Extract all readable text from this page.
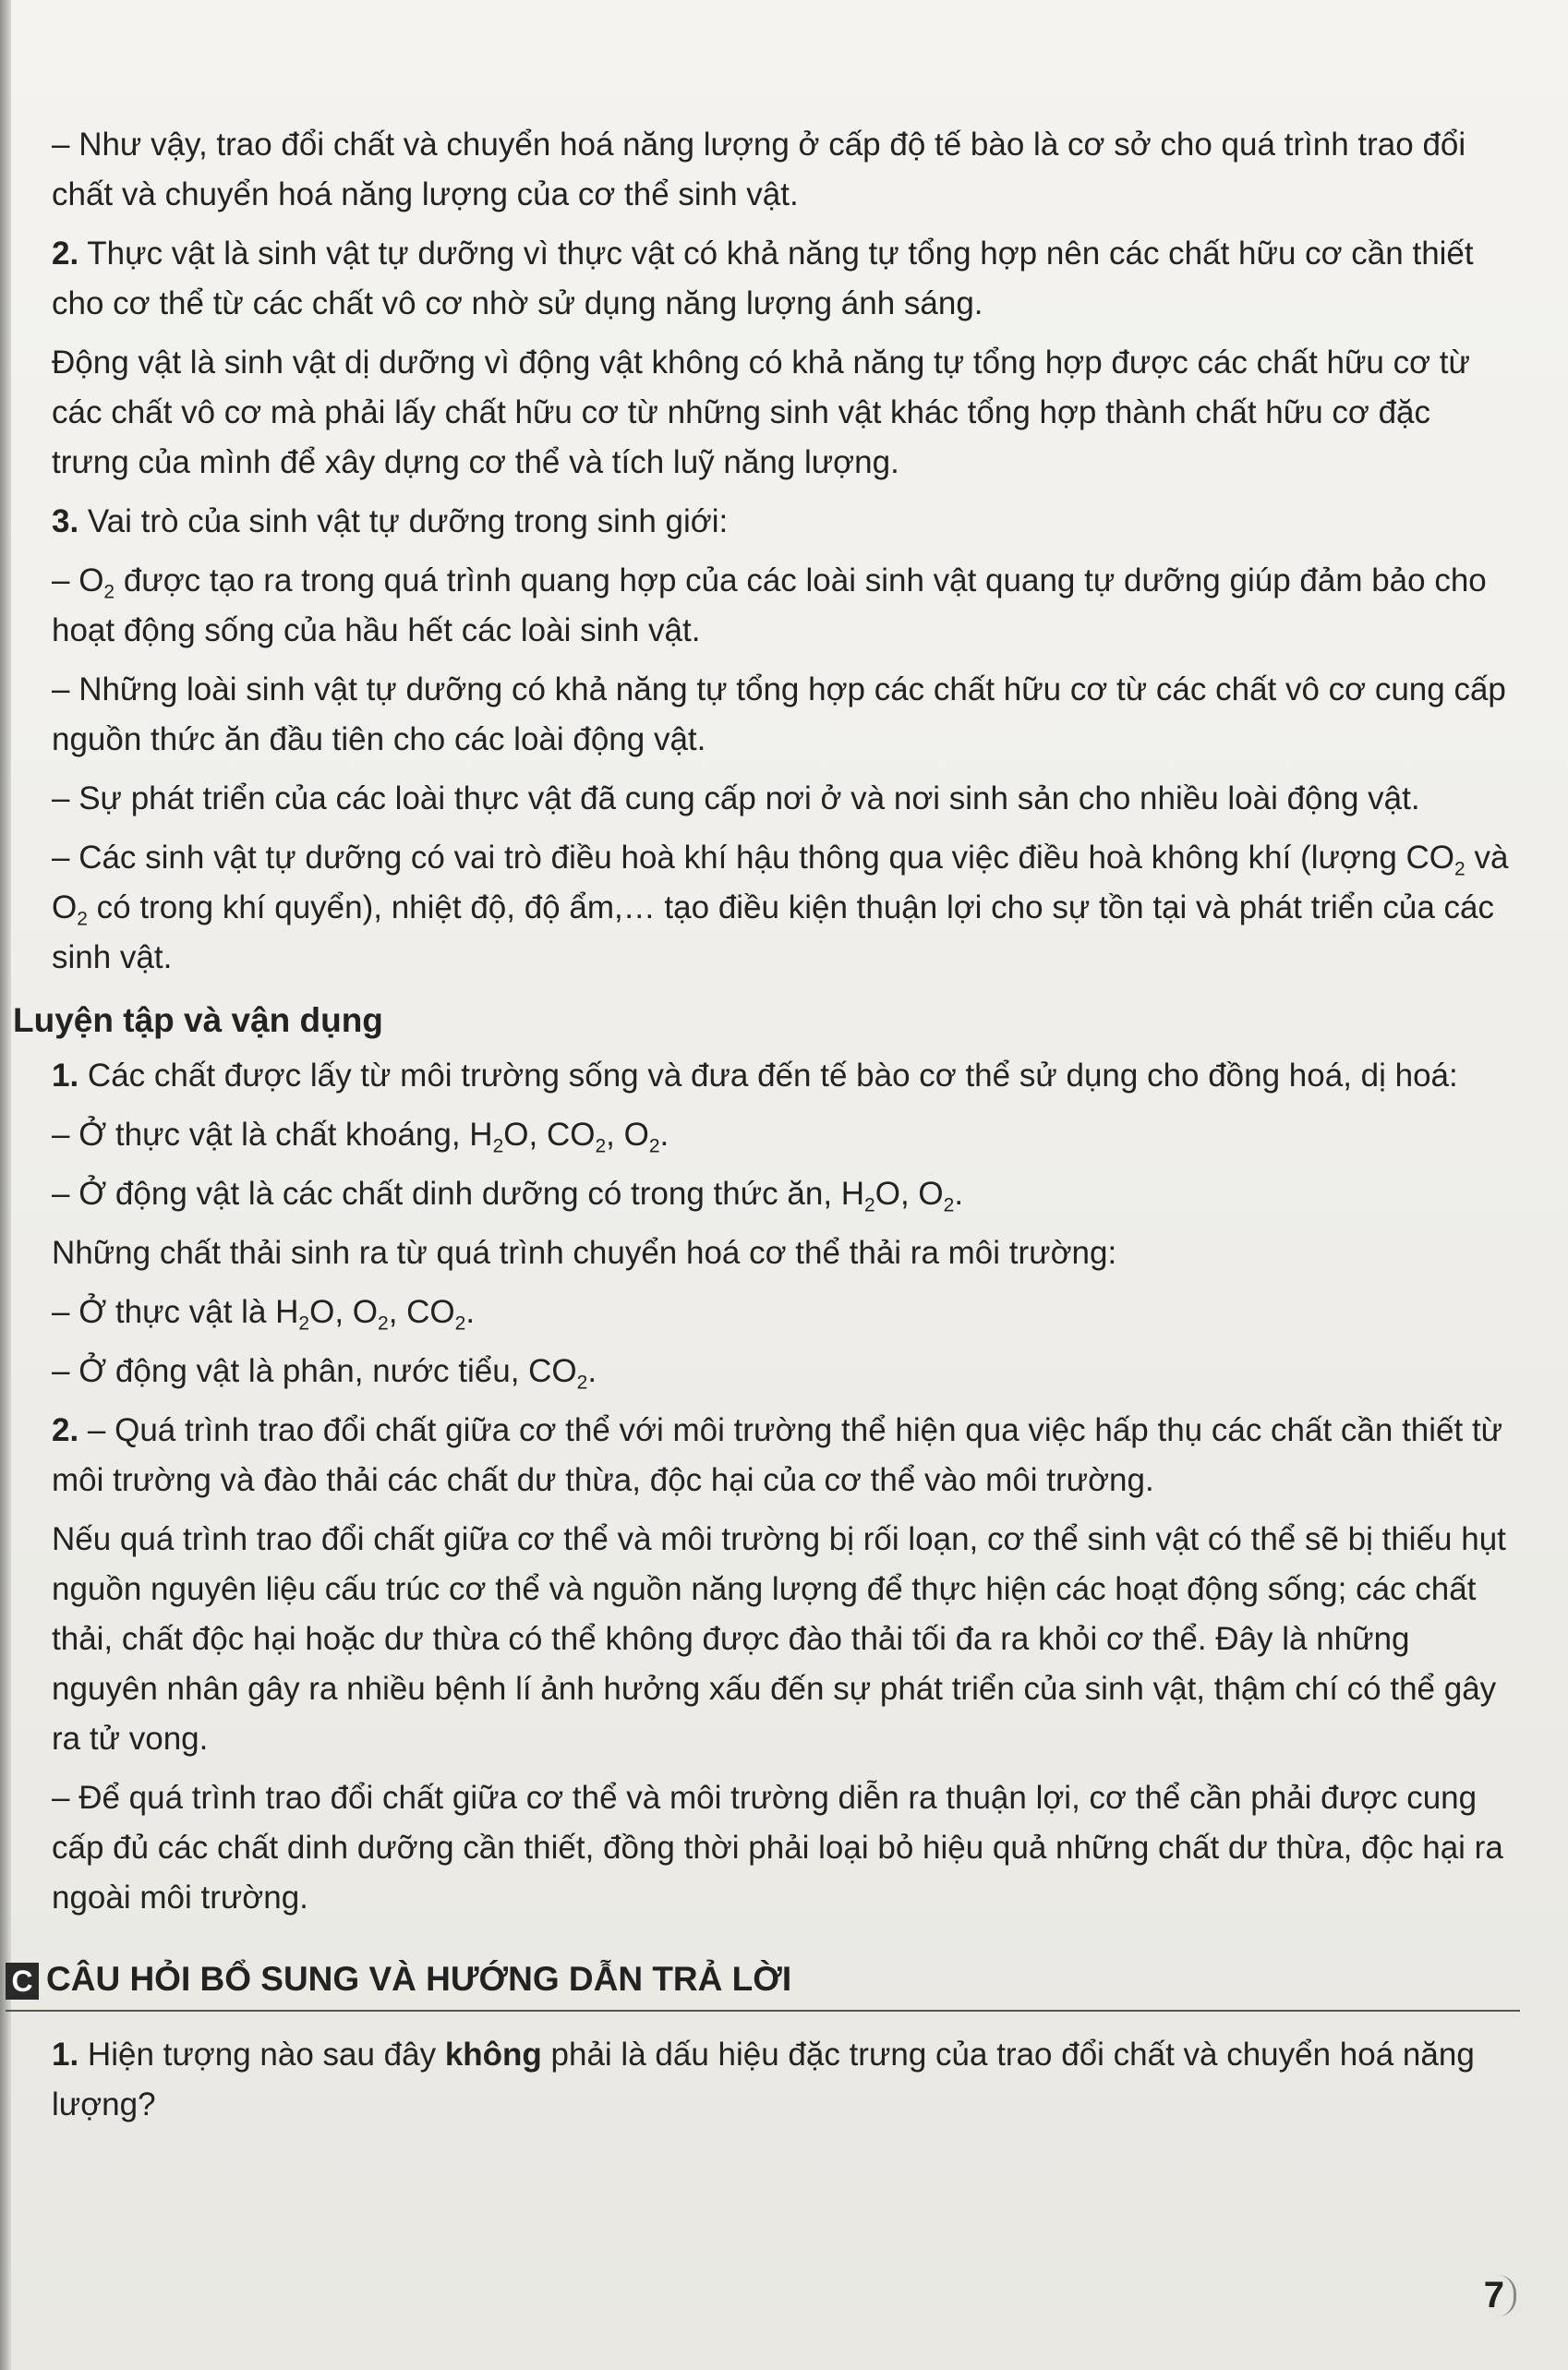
– Như vậy, trao đổi chất và chuyển hoá năng lượng ở cấp độ tế bào là cơ sở cho quá trình trao đổi chất và chuyển hoá năng lượng của cơ thể sinh vật.

2. Thực vật là sinh vật tự dưỡng vì thực vật có khả năng tự tổng hợp nên các chất hữu cơ cần thiết cho cơ thể từ các chất vô cơ nhờ sử dụng năng lượng ánh sáng.

Động vật là sinh vật dị dưỡng vì động vật không có khả năng tự tổng hợp được các chất hữu cơ từ các chất vô cơ mà phải lấy chất hữu cơ từ những sinh vật khác tổng hợp thành chất hữu cơ đặc trưng của mình để xây dựng cơ thể và tích luỹ năng lượng.

3. Vai trò của sinh vật tự dưỡng trong sinh giới:

– $O_2$ được tạo ra trong quá trình quang hợp của các loài sinh vật quang tự dưỡng giúp đảm bảo cho hoạt động sống của hầu hết các loài sinh vật.

– Những loài sinh vật tự dưỡng có khả năng tự tổng hợp các chất hữu cơ từ các chất vô cơ cung cấp nguồn thức ăn đầu tiên cho các loài động vật.

– Sự phát triển của các loài thực vật đã cung cấp nơi ở và nơi sinh sản cho nhiều loài động vật.

– Các sinh vật tự dưỡng có vai trò điều hoà khí hậu thông qua việc điều hoà không khí (lượng $CO_2$ và $O_2$ có trong khí quyển), nhiệt độ, độ ẩm,… tạo điều kiện thuận lợi cho sự tồn tại và phát triển của các sinh vật.

Luyện tập và vận dụng

1. Các chất được lấy từ môi trường sống và đưa đến tế bào cơ thể sử dụng cho đồng hoá, dị hoá:

– Ở thực vật là chất khoáng, $H_2O$, $CO_2$, $O_2$.

– Ở động vật là các chất dinh dưỡng có trong thức ăn, $H_2O$, $O_2$.

Những chất thải sinh ra từ quá trình chuyển hoá cơ thể thải ra môi trường:

– Ở thực vật là $H_2O$, $O_2$, $CO_2$.

– Ở động vật là phân, nước tiểu, $CO_2$.

2. – Quá trình trao đổi chất giữa cơ thể với môi trường thể hiện qua việc hấp thụ các chất cần thiết từ môi trường và đào thải các chất dư thừa, độc hại của cơ thể vào môi trường.

Nếu quá trình trao đổi chất giữa cơ thể và môi trường bị rối loạn, cơ thể sinh vật có thể sẽ bị thiếu hụt nguồn nguyên liệu cấu trúc cơ thể và nguồn năng lượng để thực hiện các hoạt động sống; các chất thải, chất độc hại hoặc dư thừa có thể không được đào thải tối đa ra khỏi cơ thể. Đây là những nguyên nhân gây ra nhiều bệnh lí ảnh hưởng xấu đến sự phát triển của sinh vật, thậm chí có thể gây ra tử vong.

– Để quá trình trao đổi chất giữa cơ thể và môi trường diễn ra thuận lợi, cơ thể cần phải được cung cấp đủ các chất dinh dưỡng cần thiết, đồng thời phải loại bỏ hiệu quả những chất dư thừa, độc hại ra ngoài môi trường.

C CÂU HỎI BỔ SUNG VÀ HƯỚNG DẪN TRẢ LỜI

1. Hiện tượng nào sau đây không phải là dấu hiệu đặc trưng của trao đổi chất và chuyển hoá năng lượng?

7
